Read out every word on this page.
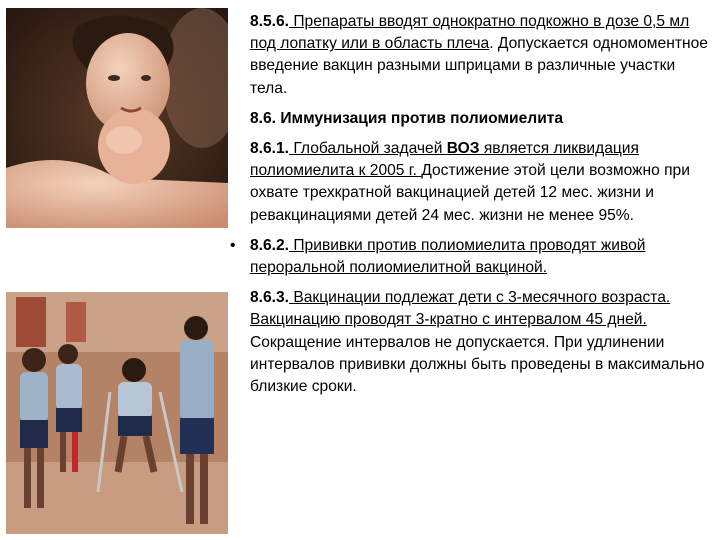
8.5.6. Препараты вводят однократно подкожно в дозе 0,5 мл под лопатку или в область плеча. Допускается одномоментное введение вакцин разными шприцами в различные участки тела.
8.6. Иммунизация против полиомиелита
8.6.1. Глобальной задачей ВОЗ является ликвидация полиомиелита к 2005 г. Достижение этой цели возможно при охвате трехкратной вакцинацией детей 12 мес. жизни и ревакцинациями детей 24 мес. жизни не менее 95%.
• 8.6.2. Прививки против полиомиелита проводят живой пероральной полиомиелитной вакциной.
8.6.3. Вакцинации подлежат дети с 3-месячного возраста. Вакцинацию проводят 3-кратно с интервалом 45 дней. Сокращение интервалов не допускается. При удлинении интервалов прививки должны быть проведены в максимально близкие сроки.
